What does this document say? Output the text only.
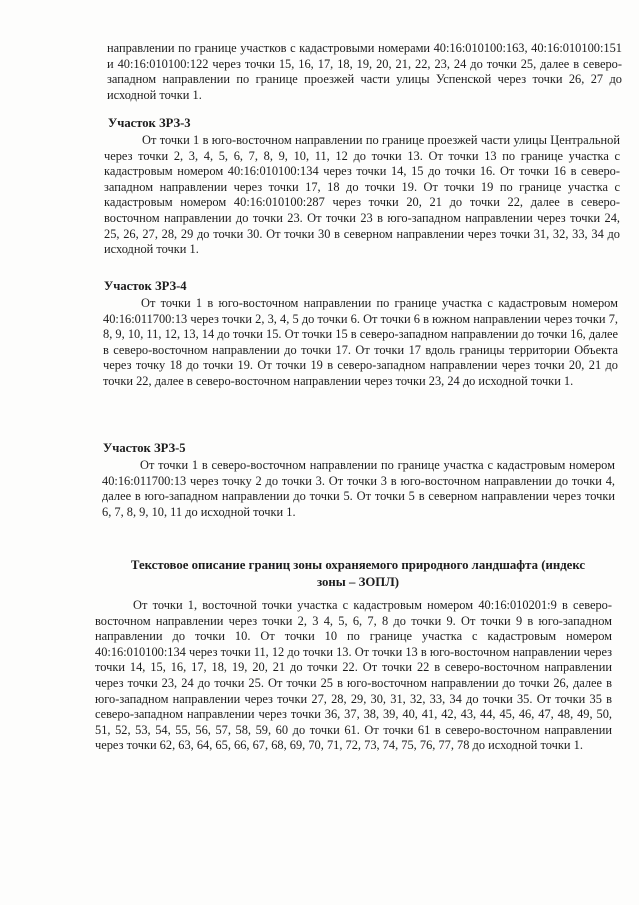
направлении по границе участков с кадастровыми номерами 40:16:010100:163, 40:16:010100:151 и 40:16:010100:122 через точки 15, 16, 17, 18, 19, 20, 21, 22, 23, 24 до точки 25, далее в северо-западном направлении по границе проезжей части улицы Успенской через точки 26, 27 до исходной точки 1.

Участок ЗРЗ-3

От точки 1 в юго-восточном направлении по границе проезжей части улицы Центральной через точки 2, 3, 4, 5, 6, 7, 8, 9, 10, 11, 12 до точки 13. От точки 13 по границе участка с кадастровым номером 40:16:010100:134 через точки 14, 15 до точки 16. От точки 16 в северо-западном направлении через точки 17, 18 до точки 19. От точки 19 по границе участка с кадастровым номером 40:16:010100:287 через точки 20, 21 до точки 22, далее в северо-восточном направлении до точки 23. От точки 23 в юго-западном направлении через точки 24, 25, 26, 27, 28, 29 до точки 30. От точки 30 в северном направлении через точки 31, 32, 33, 34 до исходной точки 1.

Участок ЗРЗ-4

От точки 1 в юго-восточном направлении по границе участка с кадастровым номером 40:16:011700:13 через точки 2, 3, 4, 5 до точки 6. От точки 6 в южном направлении через точки 7, 8, 9, 10, 11, 12, 13, 14 до точки 15. От точки 15 в северо-западном направлении до точки 16, далее в северо-восточном направлении до точки 17. От точки 17 вдоль границы территории Объекта через точку 18 до точки 19. От точки 19 в северо-западном направлении через точки 20, 21 до точки 22, далее в северо-восточном направлении через точки 23, 24 до исходной точки 1.

Участок ЗРЗ-5

От точки 1 в северо-восточном направлении по границе участка с кадастровым номером 40:16:011700:13 через точку 2 до точки 3. От точки 3 в юго-восточном направлении до точки 4, далее в юго-западном направлении до точки 5. От точки 5 в северном направлении через точки 6, 7, 8, 9, 10, 11 до исходной точки 1.

Текстовое описание границ зоны охраняемого природного ландшафта (индекс
зоны – ЗОПЛ)

От точки 1, восточной точки участка с кадастровым номером 40:16:010201:9 в северо-восточном направлении через точки 2, 3 4, 5, 6, 7, 8 до точки 9. От точки 9 в юго-западном направлении до точки 10. От точки 10 по границе участка с кадастровым номером 40:16:010100:134 через точки 11, 12 до точки 13. От точки 13 в юго-восточном направлении через точки 14, 15, 16, 17, 18, 19, 20, 21 до точки 22. От точки 22 в северо-восточном направлении через точки 23, 24 до точки 25. От точки 25 в юго-восточном направлении до точки 26, далее в юго-западном направлении через точки 27, 28, 29, 30, 31, 32, 33, 34 до точки 35. От точки 35 в северо-западном направлении через точки 36, 37, 38, 39, 40, 41, 42, 43, 44, 45, 46, 47, 48, 49, 50, 51, 52, 53, 54, 55, 56, 57, 58, 59, 60 до точки 61. От точки 61 в северо-восточном направлении через точки 62, 63, 64, 65, 66, 67, 68, 69, 70, 71, 72, 73, 74, 75, 76, 77, 78 до исходной точки 1.
